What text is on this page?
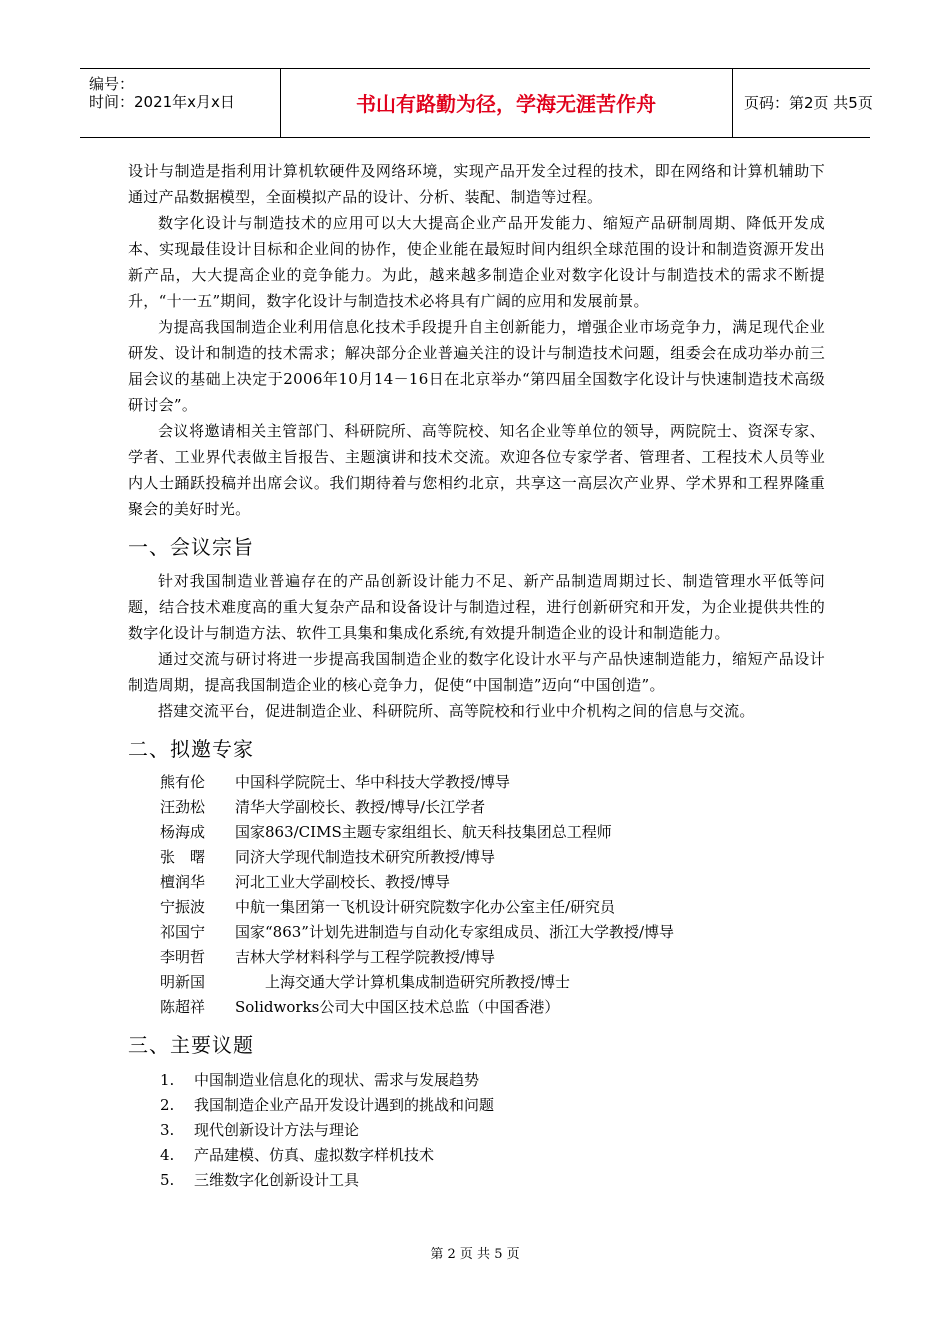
编号：
时间：2021年x月x日	书山有路勤为径，学海无涯苦作舟	页码：第2页 共5页

设计与制造是指利用计算机软硬件及网络环境，实现产品开发全过程的技术，即在网络和计算机辅助下通过产品数据模型，全面模拟产品的设计、分析、装配、制造等过程。

数字化设计与制造技术的应用可以大大提高企业产品开发能力、缩短产品研制周期、降低开发成本、实现最佳设计目标和企业间的协作，使企业能在最短时间内组织全球范围的设计和制造资源开发出新产品，大大提高企业的竞争能力。为此，越来越多制造企业对数字化设计与制造技术的需求不断提升，“十一五”期间，数字化设计与制造技术必将具有广阔的应用和发展前景。

为提高我国制造企业利用信息化技术手段提升自主创新能力，增强企业市场竞争力，满足现代企业研发、设计和制造的技术需求；解决部分企业普遍关注的设计与制造技术问题，组委会在成功举办前三届会议的基础上决定于2006年10月14－16日在北京举办“第四届全国数字化设计与快速制造技术高级研讨会”。

会议将邀请相关主管部门、科研院所、高等院校、知名企业等单位的领导，两院院士、资深专家、学者、工业界代表做主旨报告、主题演讲和技术交流。欢迎各位专家学者、管理者、工程技术人员等业内人士踊跃投稿并出席会议。我们期待着与您相约北京，共享这一高层次产业界、学术界和工程界隆重聚会的美好时光。

一、会议宗旨

针对我国制造业普遍存在的产品创新设计能力不足、新产品制造周期过长、制造管理水平低等问题，结合技术难度高的重大复杂产品和设备设计与制造过程，进行创新研究和开发，为企业提供共性的数字化设计与制造方法、软件工具集和集成化系统,有效提升制造企业的设计和制造能力。

通过交流与研讨将进一步提高我国制造企业的数字化设计水平与产品快速制造能力，缩短产品设计制造周期，提高我国制造企业的核心竞争力，促使“中国制造”迈向“中国创造”。

搭建交流平台，促进制造企业、科研院所、高等院校和行业中介机构之间的信息与交流。

二、拟邀专家
熊有伦 中国科学院院士、华中科技大学教授/博导
汪劲松 清华大学副校长、教授/博导/长江学者
杨海成 国家863/CIMS主题专家组组长、航天科技集团总工程师
张　曙 同济大学现代制造技术研究所教授/博导
檀润华 河北工业大学副校长、教授/博导
宁振波 中航一集团第一飞机设计研究院数字化办公室主任/研究员
祁国宁 国家“863”计划先进制造与自动化专家组成员、浙江大学教授/博导
李明哲 吉林大学材料科学与工程学院教授/博导
明新国　　上海交通大学计算机集成制造研究所教授/博士
陈超祥 Solidworks公司大中国区技术总监（中国香港）
三、主要议题
1. 中国制造业信息化的现状、需求与发展趋势
2. 我国制造企业产品开发设计遇到的挑战和问题
3. 现代创新设计方法与理论
4. 产品建模、仿真、虚拟数字样机技术
5. 三维数字化创新设计工具
第 2 页 共 5 页
